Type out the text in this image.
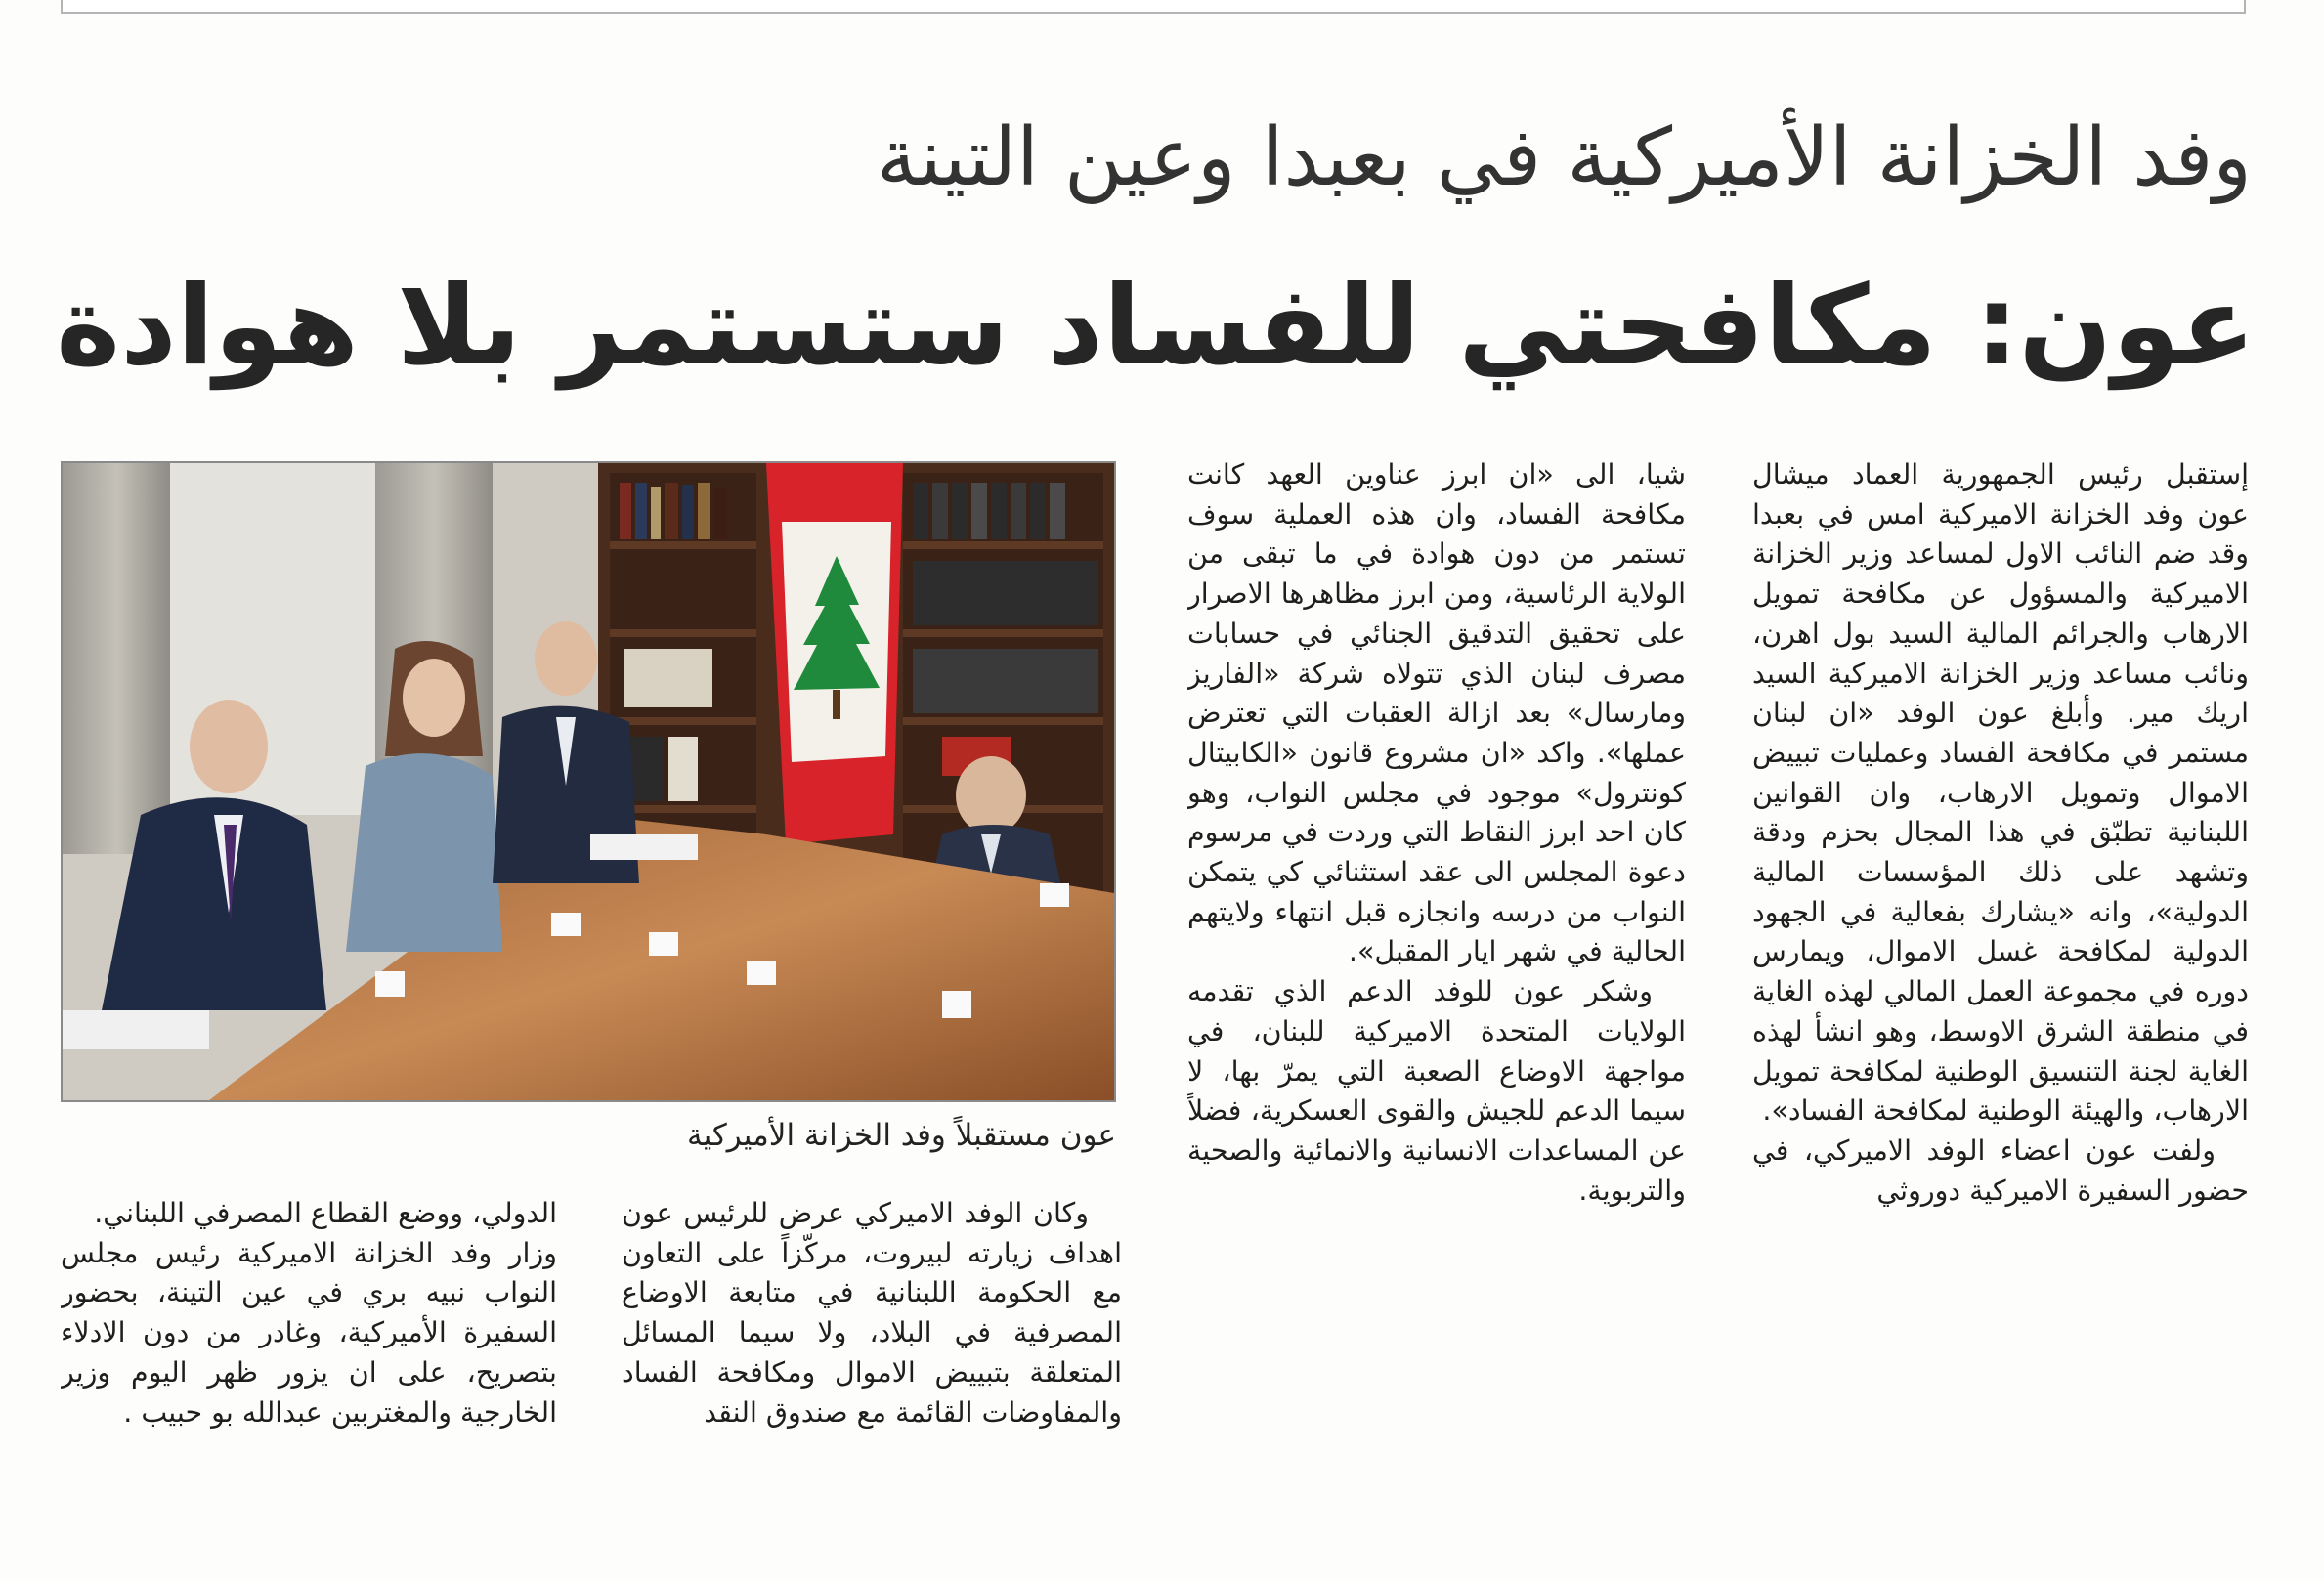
وفد الخزانة الأميركية في بعبدا وعين التينة
عون: مكافحتي للفساد ستستمر بلا هوادة

إستقبل رئيس الجمهورية العماد ميشال عون وفد الخزانة الاميركية امس في بعبدا وقد ضم النائب الاول لمساعد وزير الخزانة الاميركية والمسؤول عن مكافحة تمويل الارهاب والجرائم المالية السيد بول اهرن، ونائب مساعد وزير الخزانة الاميركية السيد اريك مير. وأبلغ عون الوفد «ان لبنان مستمر في مكافحة الفساد وعمليات تبييض الاموال وتمويل الارهاب، وان القوانين اللبنانية تطبّق في هذا المجال بحزم ودقة وتشهد على ذلك المؤسسات المالية الدولية»، وانه «يشارك بفعالية في الجهود الدولية لمكافحة غسل الاموال، ويمارس دوره في مجموعة العمل المالي لهذه الغاية في منطقة الشرق الاوسط، وهو انشأ لهذه الغاية لجنة التنسيق الوطنية لمكافحة تمويل الارهاب، والهيئة الوطنية لمكافحة الفساد».

ولفت عون اعضاء الوفد الاميركي، في حضور السفيرة الاميركية دوروثي

شيا، الى «ان ابرز عناوين العهد كانت مكافحة الفساد، وان هذه العملية سوف تستمر من دون هوادة في ما تبقى من الولاية الرئاسية، ومن ابرز مظاهرها الاصرار على تحقيق التدقيق الجنائي في حسابات مصرف لبنان الذي تتولاه شركة «الفاريز ومارسال» بعد ازالة العقبات التي تعترض عملها». واكد «ان مشروع قانون «الكابيتال كونترول» موجود في مجلس النواب، وهو كان احد ابرز النقاط التي وردت في مرسوم دعوة المجلس الى عقد استثنائي كي يتمكن النواب من درسه وانجازه قبل انتهاء ولايتهم الحالية في شهر ايار المقبل».

وشكر عون للوفد الدعم الذي تقدمه الولايات المتحدة الاميركية للبنان، في مواجهة الاوضاع الصعبة التي يمرّ بها، لا سيما الدعم للجيش والقوى العسكرية، فضلاً عن المساعدات الانسانية والانمائية والصحية والتربوية.

عون مستقبلاً وفد الخزانة الأميركية

وكان الوفد الاميركي عرض للرئيس عون اهداف زيارته لبيروت، مركّزاً على التعاون مع الحكومة اللبنانية في متابعة الاوضاع المصرفية في البلاد، ولا سيما المسائل المتعلقة بتبييض الاموال ومكافحة الفساد والمفاوضات القائمة مع صندوق النقد

الدولي، ووضع القطاع المصرفي اللبناني.

وزار وفد الخزانة الاميركية رئيس مجلس النواب نبيه بري في عين التينة، بحضور السفيرة الأميركية، وغادر من دون الادلاء بتصريح، على ان يزور ظهر اليوم وزير الخارجية والمغتربين عبدالله بو حبيب .
